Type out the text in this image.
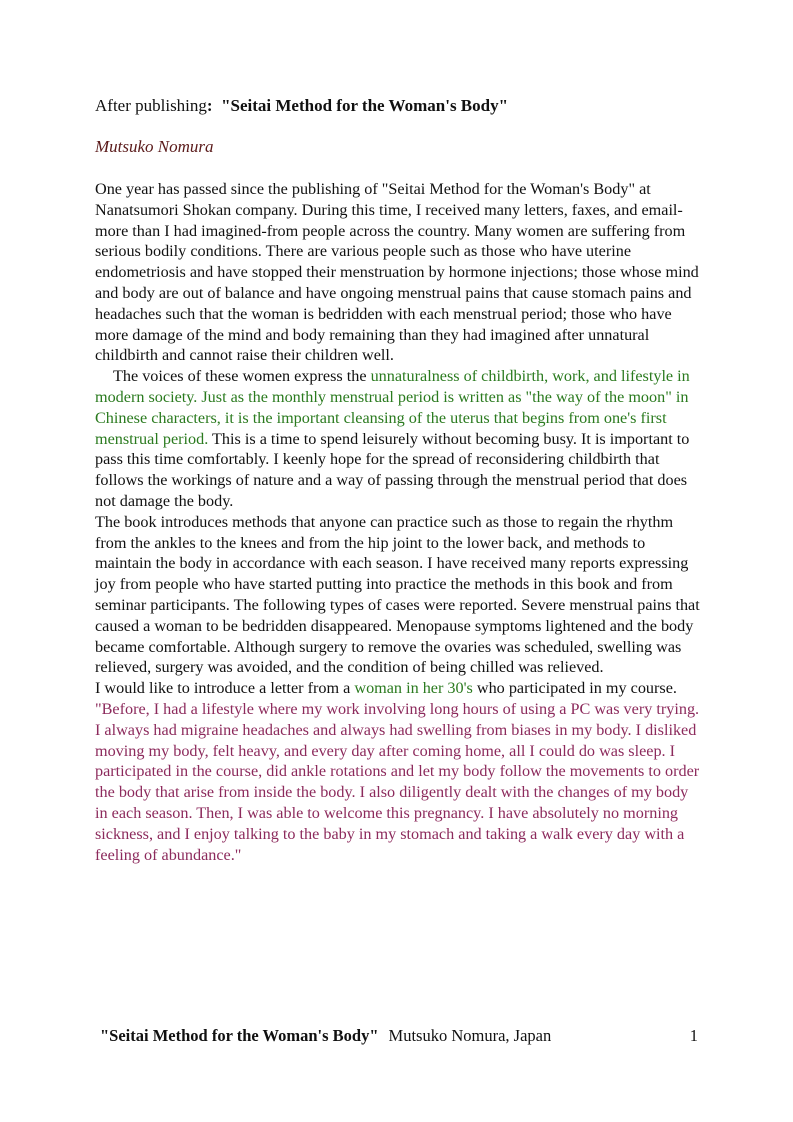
After publishing: "Seitai Method for the Woman's Body"
Mutsuko Nomura

One year has passed since the publishing of "Seitai Method for the Woman's Body" at Nanatsumori Shokan company. During this time, I received many letters, faxes, and email-more than I had imagined-from people across the country. Many women are suffering from serious bodily conditions. There are various people such as those who have uterine endometriosis and have stopped their menstruation by hormone injections; those whose mind and body are out of balance and have ongoing menstrual pains that cause stomach pains and headaches such that the woman is bedridden with each menstrual period; those who have more damage of the mind and body remaining than they had imagined after unnatural childbirth and cannot raise their children well.

The voices of these women express the unnaturalness of childbirth, work, and lifestyle in modern society. Just as the monthly menstrual period is written as "the way of the moon" in Chinese characters, it is the important cleansing of the uterus that begins from one's first menstrual period. This is a time to spend leisurely without becoming busy. It is important to pass this time comfortably. I keenly hope for the spread of reconsidering childbirth that follows the workings of nature and a way of passing through the menstrual period that does not damage the body.

The book introduces methods that anyone can practice such as those to regain the rhythm from the ankles to the knees and from the hip joint to the lower back, and methods to maintain the body in accordance with each season. I have received many reports expressing joy from people who have started putting into practice the methods in this book and from seminar participants. The following types of cases were reported. Severe menstrual pains that caused a woman to be bedridden disappeared. Menopause symptoms lightened and the body became comfortable. Although surgery to remove the ovaries was scheduled, swelling was relieved, surgery was avoided, and the condition of being chilled was relieved.

I would like to introduce a letter from a woman in her 30's who participated in my course. "Before, I had a lifestyle where my work involving long hours of using a PC was very trying. I always had migraine headaches and always had swelling from biases in my body. I disliked moving my body, felt heavy, and every day after coming home, all I could do was sleep. I participated in the course, did ankle rotations and let my body follow the movements to order the body that arise from inside the body. I also diligently dealt with the changes of my body in each season. Then, I was able to welcome this pregnancy. I have absolutely no morning sickness, and I enjoy talking to the baby in my stomach and taking a walk every day with a feeling of abundance."

"Seitai Method for the Woman's Body" Mutsuko Nomura, Japan	1
